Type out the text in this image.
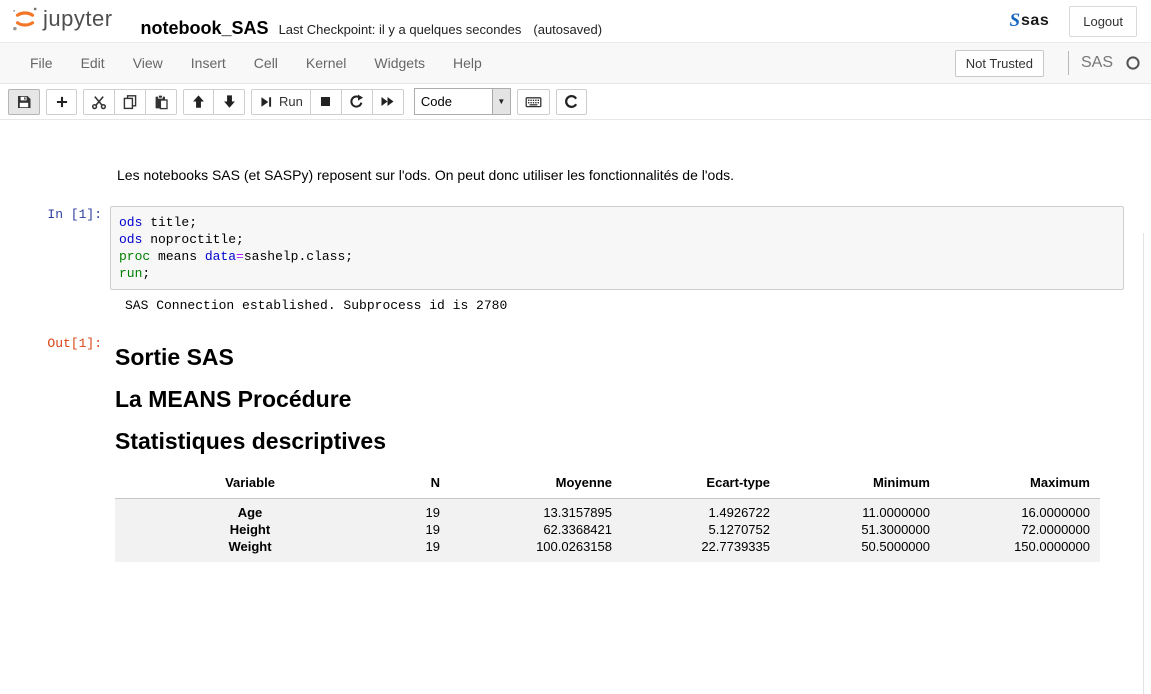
jupyter notebook_SAS Last Checkpoint: il y a quelques secondes (autosaved)	S sas	Logout
File	Edit	View	Insert	Cell	Kernel	Widgets	Help	Not Trusted	SAS
Run	Code	▼

Les notebooks SAS (et SASPy) reposent sur l'ods. On peut donc utiliser les fonctionnalités de l'ods.

In [1]:
ods title;
ods noproctitle;
proc means data=sashelp.class;
run;
SAS Connection established. Subprocess id is 2780
Out[1]:
Sortie SAS
La MEANS Procédure
Statistiques descriptives
Variable	N	Moyenne	Ecart-type	Minimum	Maximum
Age	19	13.3157895	1.4926722	11.0000000	16.0000000
Height	19	62.3368421	5.1270752	51.3000000	72.0000000
Weight	19	100.0263158	22.7739335	50.5000000	150.0000000
